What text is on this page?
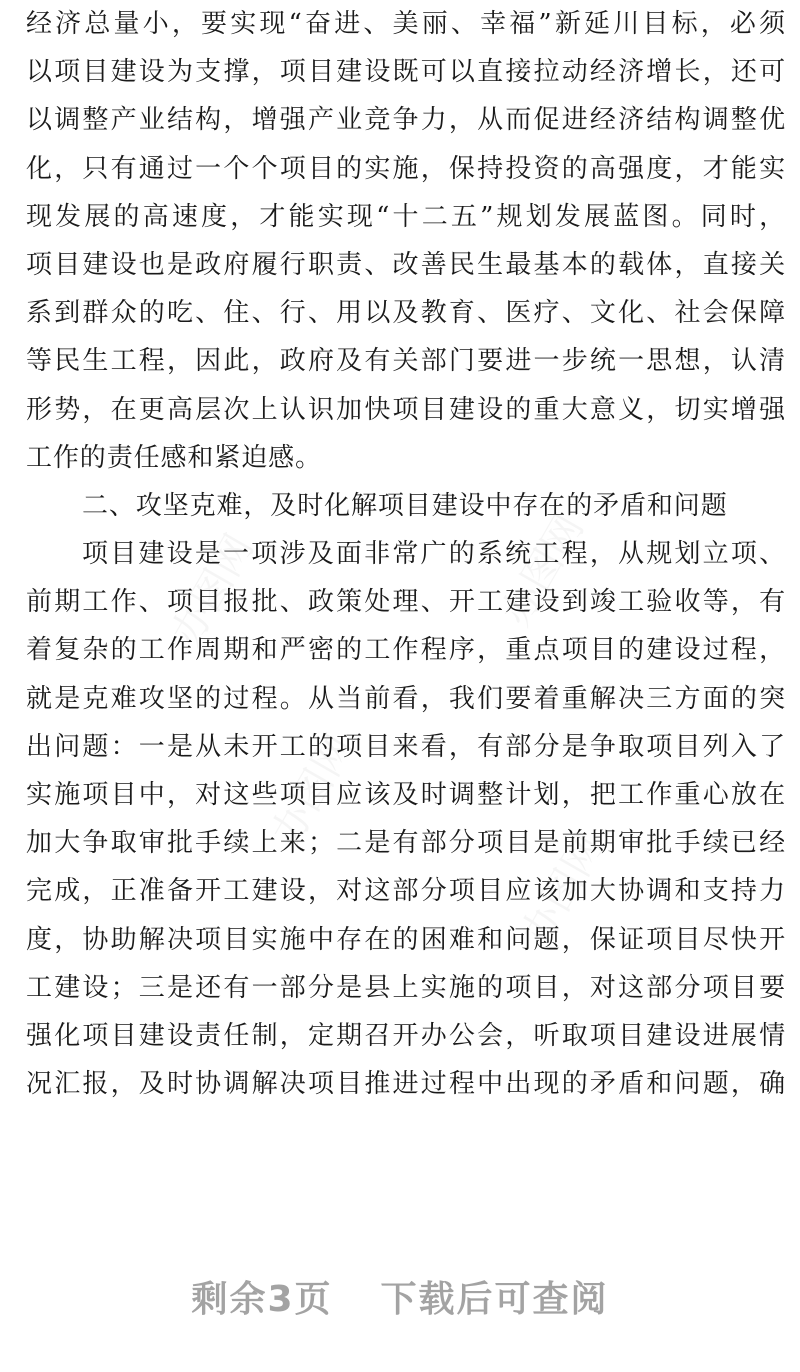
办图网	办图网
办图网
办图网
经济总量小，要实现“奋进、美丽、幸福”新延川目标，必须
以项目建设为支撑，项目建设既可以直接拉动经济增长，还可
以调整产业结构，增强产业竞争力，从而促进经济结构调整优
化，只有通过一个个项目的实施，保持投资的高强度，才能实
现发展的高速度，才能实现“十二五”规划发展蓝图。同时，
项目建设也是政府履行职责、改善民生最基本的载体，直接关
系到群众的吃、住、行、用以及教育、医疗、文化、社会保障
等民生工程，因此，政府及有关部门要进一步统一思想，认清
形势，在更高层次上认识加快项目建设的重大意义，切实增强
工作的责任感和紧迫感。
二、攻坚克难，及时化解项目建设中存在的矛盾和问题
项目建设是一项涉及面非常广的系统工程，从规划立项、
前期工作、项目报批、政策处理、开工建设到竣工验收等，有
着复杂的工作周期和严密的工作程序，重点项目的建设过程，
就是克难攻坚的过程。从当前看，我们要着重解决三方面的突
出问题：一是从未开工的项目来看，有部分是争取项目列入了
实施项目中，对这些项目应该及时调整计划，把工作重心放在
加大争取审批手续上来；二是有部分项目是前期审批手续已经
完成，正准备开工建设，对这部分项目应该加大协调和支持力
度，协助解决项目实施中存在的困难和问题，保证项目尽快开
工建设；三是还有一部分是县上实施的项目，对这部分项目要
强化项目建设责任制，定期召开办公会，听取项目建设进展情
况汇报，及时协调解决项目推进过程中出现的矛盾和问题，确
剩余3页 下载后可查阅
